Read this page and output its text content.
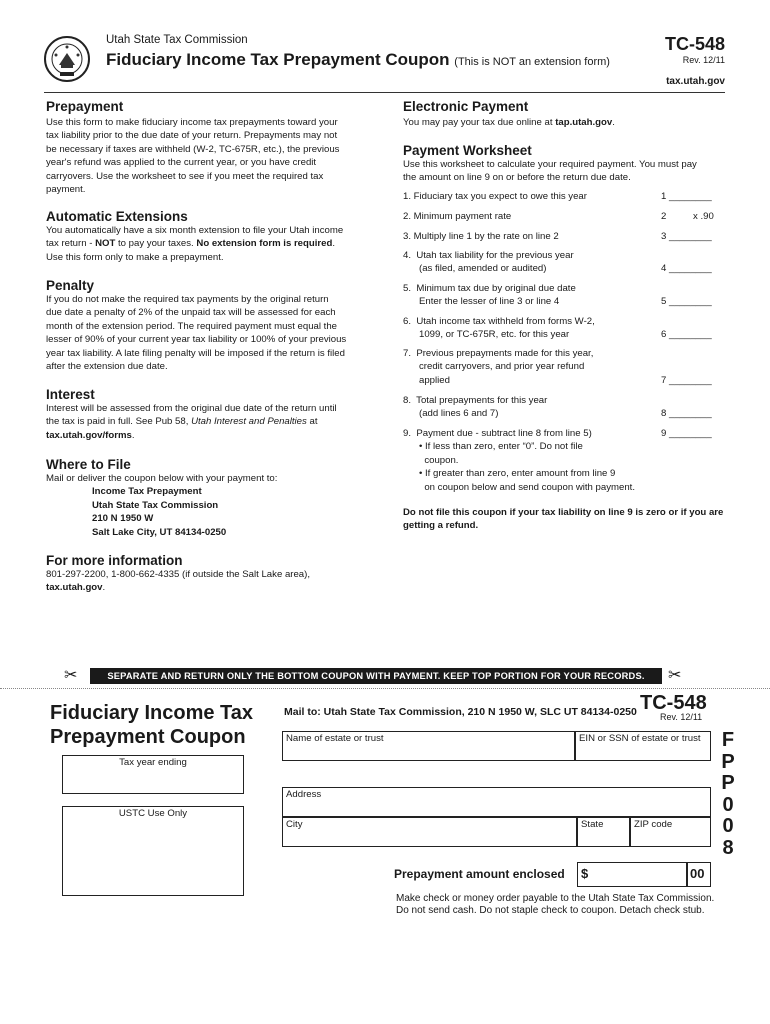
Utah State Tax Commission
Fiduciary Income Tax Prepayment Coupon (This is NOT an extension form)
TC-548
Rev. 12/11
tax.utah.gov
Prepayment
Use this form to make fiduciary income tax prepayments toward your
tax liability prior to the due date of your return. Prepayments may not
be necessary if taxes are withheld (W-2, TC-675R, etc.), the previous
year's refund was applied to the current year, or you have credit
carryovers. Use the worksheet to see if you meet the required tax
payment.
Automatic Extensions
You automatically have a six month extension to file your Utah income
tax return - NOT to pay your taxes. No extension form is required.
Use this form only to make a prepayment.
Penalty
If you do not make the required tax payments by the original return
due date a penalty of 2% of the unpaid tax will be assessed for each
month of the extension period. The required payment must equal the
lesser of 90% of your current year tax liability or 100% of your previous
year tax liability. A late filing penalty will be imposed if the return is filed
after the extension due date.
Interest
Interest will be assessed from the original due date of the return until
the tax is paid in full. See Pub 58, Utah Interest and Penalties at
tax.utah.gov/forms.
Where to File
Mail or deliver the coupon below with your payment to:
Income Tax Prepayment
Utah State Tax Commission
210 N 1950 W
Salt Lake City, UT 84134-0250
For more information
801-297-2200, 1-800-662-4335 (if outside the Salt Lake area),
tax.utah.gov.
Electronic Payment
You may pay your tax due online at tap.utah.gov.
Payment Worksheet
Use this worksheet to calculate your required payment. You must pay
the amount on line 9 on or before the return due date.
1. Fiduciary tax you expect to owe this year	1 ________
2. Minimum payment rate	2          x .90
3. Multiply line 1 by the rate on line 2	3 ________
4.  Utah tax liability for the previous year
(as filed, amended or audited)	4 ________
5.  Minimum tax due by original due date
Enter the lesser of line 3 or line 4	5 ________
6.  Utah income tax withheld from forms W-2,
1099, or TC-675R, etc. for this year	6 ________
7.  Previous prepayments made for this year,
credit carryovers, and prior year refund
applied	7 ________
8.  Total prepayments for this year
(add lines 6 and 7)	8 ________
9.  Payment due - subtract line 8 from line 5)
• If less than zero, enter “0”. Do not file
coupon.
• If greater than zero, enter amount from line 9
on coupon below and send coupon with payment.
9 ________
Do not file this coupon if your tax liability on line 9 is zero or if you are getting a refund.
✂	SEPARATE AND RETURN ONLY THE BOTTOM COUPON WITH PAYMENT. KEEP TOP PORTION FOR YOUR RECORDS.	✂
Fiduciary Income Tax
Prepayment Coupon
Mail to: Utah State Tax Commission, 210 N 1950 W, SLC UT 84134-0250 TC-548
Rev. 12/11
Tax year ending
USTC Use Only
Name of estate or trust	EIN or SSN of estate or trust
Address
City	State	ZIP code
F
P
P
0
0
8
Prepayment amount enclosed	$	00
Make check or money order payable to the Utah State Tax Commission.
Do not send cash. Do not staple check to coupon. Detach check stub.
